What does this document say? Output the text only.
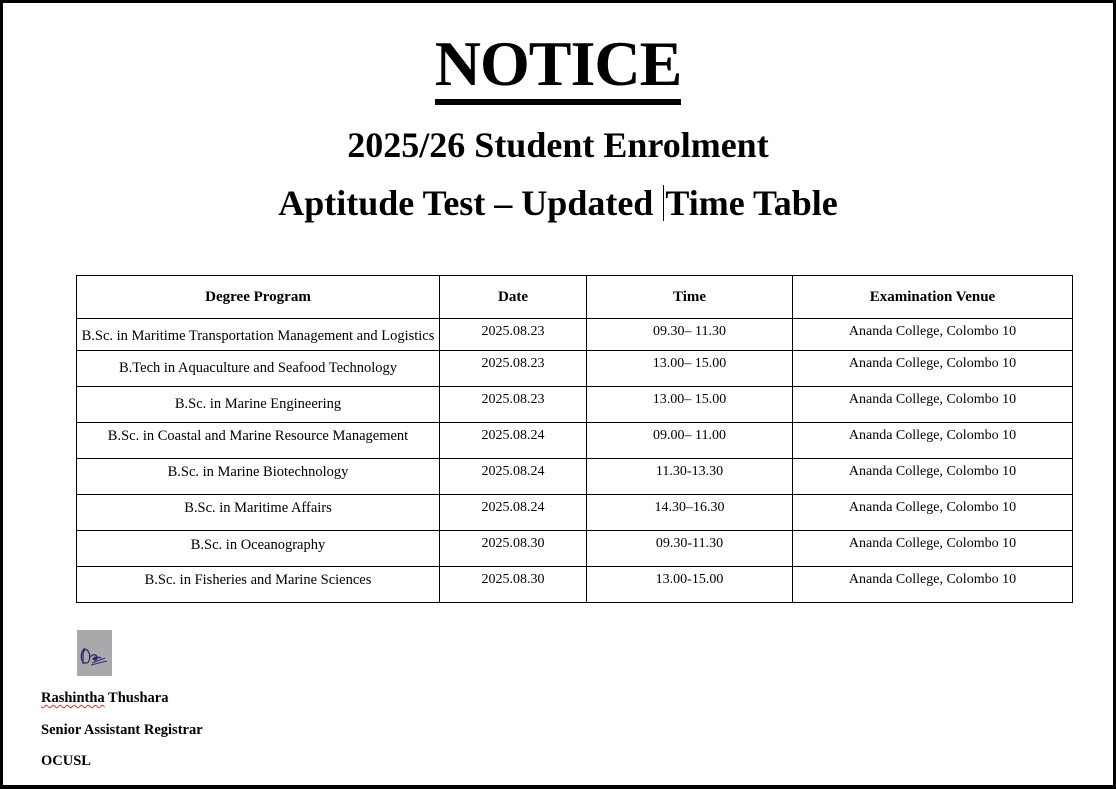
NOTICE
2025/26 Student Enrolment
Aptitude Test – Updated Time Table
Degree Program	Date	Time	Examination Venue
B.Sc. in Maritime Transportation Management and Logistics	2025.08.23	09.30– 11.30	Ananda College, Colombo 10
B.Tech in Aquaculture and Seafood Technology	2025.08.23	13.00– 15.00	Ananda College, Colombo 10
B.Sc. in Marine Engineering	2025.08.23	13.00– 15.00	Ananda College, Colombo 10
B.Sc. in Coastal and Marine Resource Management	2025.08.24	09.00– 11.00	Ananda College, Colombo 10
B.Sc. in Marine Biotechnology	2025.08.24	11.30-13.30	Ananda College, Colombo 10
B.Sc. in Maritime Affairs	2025.08.24	14.30–16.30	Ananda College, Colombo 10
B.Sc. in Oceanography	2025.08.30	09.30-11.30	Ananda College, Colombo 10
B.Sc. in Fisheries and Marine Sciences	2025.08.30	13.00-15.00	Ananda College, Colombo 10
Rashintha Thushara
Senior Assistant Registrar
OCUSL
